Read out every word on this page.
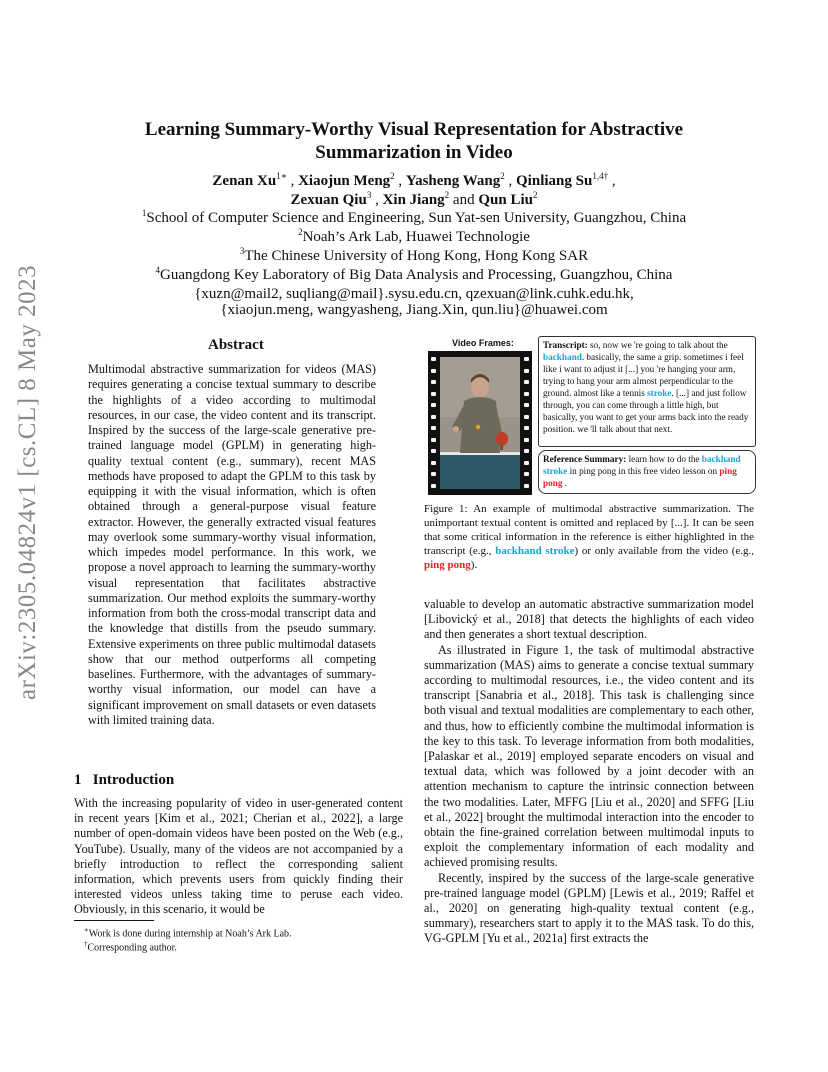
arXiv:2305.04824v1 [cs.CL] 8 May 2023
Learning Summary-Worthy Visual Representation for Abstractive
Summarization in Video
Zenan $Xu^{1∗}$ , Xiaojun Meng$^2$ , Yasheng Wang$^2$ , Qinliang $Su^{1,4\dagger}$ ,
Zexuan Qiu$^3$ , Xin Jiang$^2$ and Qun Liu$^2$
$^1$School of Computer Science and Engineering, Sun Yat-sen University, Guangzhou, China
$^2$Noah’s Ark Lab, Huawei Technologie
$^3$The Chinese University of Hong Kong, Hong Kong SAR
$^4$Guangdong Key Laboratory of Big Data Analysis and Processing, Guangzhou, China
{xuzn@mail2, suqliang@mail}.sysu.edu.cn, qzexuan@link.cuhk.edu.hk,
{xiaojun.meng, wangyasheng, Jiang.Xin, qun.liu}@huawei.com
Abstract
Multimodal abstractive summarization for videos (MAS) requires generating a concise textual summary to describe the highlights of a video according to multimodal resources, in our case, the video content and its transcript. Inspired by the success of the large-scale generative pre-trained language model (GPLM) in generating high-quality textual content (e.g., summary), recent MAS methods have proposed to adapt the GPLM to this task by equipping it with the visual information, which is often obtained through a general-purpose visual feature extractor. However, the generally extracted visual features may overlook some summary-worthy visual information, which impedes model performance. In this work, we propose a novel approach to learning the summary-worthy visual representation that facilitates abstractive summarization. Our method exploits the summary-worthy information from both the cross-modal transcript data and the knowledge that distills from the pseudo summary. Extensive experiments on three public multimodal datasets show that our method outperforms all competing baselines. Furthermore, with the advantages of summary-worthy visual information, our model can have a significant improvement on small datasets or even datasets with limited training data.
1 Introduction
With the increasing popularity of video in user-generated content in recent years [Kim et al., 2021; Cherian et al., 2022], a large number of open-domain videos have been posted on the Web (e.g., YouTube). Usually, many of the videos are not accompanied by a briefly introduction to reflect the corresponding salient information, which prevents users from quickly finding their interested videos unless taking time to peruse each video. Obviously, in this scenario, it would be
∗Work is done during internship at Noah’s Ark Lab.
†Corresponding author.
Video Frames:	Transcript: so, now we 're going to talk about the backhand. basically, the same a grip. sometimes i feel like i want to adjust it [...] you 're hanging your arm, trying to hang your arm almost perpendicular to the ground. almost like a tennis stroke. [...] and just follow through, you can come through a little high, but basically, you want to get your arms back into the ready position. we 'll talk about that next.
Reference Summary: learn how to do the backhand stroke in ping pong in this free video lesson on ping pong .
Figure 1: An example of multimodal abstractive summarization. The unimportant textual content is omitted and replaced by [...]. It can be seen that some critical information in the reference is either highlighted in the transcript (e.g., backhand stroke) or only available from the video (e.g., ping pong).

valuable to develop an automatic abstractive summarization model [Libovický et al., 2018] that detects the highlights of each video and then generates a short textual description.

As illustrated in Figure 1, the task of multimodal abstractive summarization (MAS) aims to generate a concise textual summary according to multimodal resources, i.e., the video content and its transcript [Sanabria et al., 2018]. This task is challenging since both visual and textual modalities are complementary to each other, and thus, how to efficiently combine the multimodal information is the key to this task. To leverage information from both modalities, [Palaskar et al., 2019] employed separate encoders on visual and textual data, which was followed by a joint decoder with an attention mechanism to capture the intrinsic connection between the two modalities. Later, MFFG [Liu et al., 2020] and SFFG [Liu et al., 2022] brought the multimodal interaction into the encoder to obtain the fine-grained correlation between multimodal inputs to exploit the complementary information of each modality and achieved promising results.

Recently, inspired by the success of the large-scale generative pre-trained language model (GPLM) [Lewis et al., 2019; Raffel et al., 2020] on generating high-quality textual content (e.g., summary), researchers start to apply it to the MAS task. To do this, VG-GPLM [Yu et al., 2021a] first extracts the
